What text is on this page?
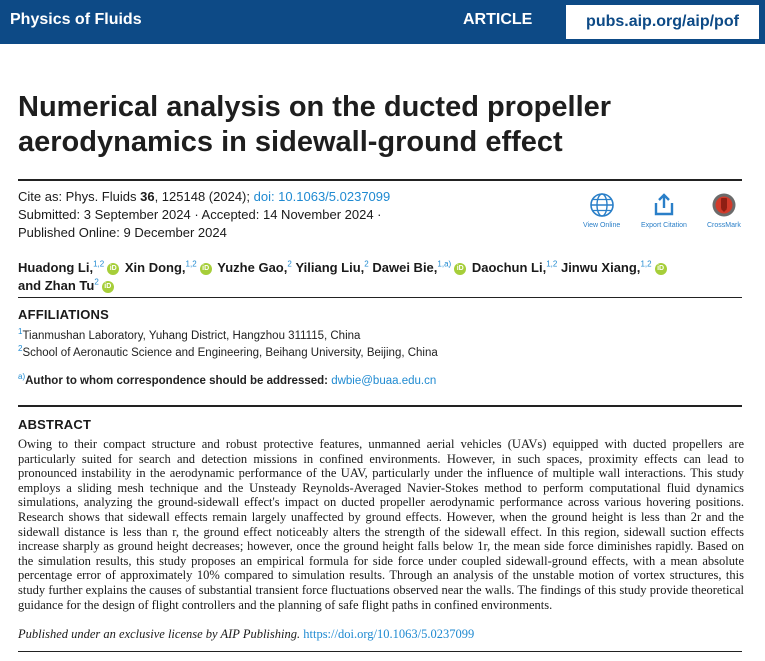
Physics of Fluids	ARTICLE	pubs.aip.org/aip/pof
Numerical analysis on the ducted propeller aerodynamics in sidewall-ground effect
Cite as: Phys. Fluids 36, 125148 (2024); doi: 10.1063/5.0237099
Submitted: 3 September 2024 · Accepted: 14 November 2024 ·
Published Online: 9 December 2024	View Online	Export Citation	CrossMark
Huadong Li,$^{1,2}$ iD Xin Dong,$^{1,2}$ iD Yuzhe Gao,$^2$ Yiliang Liu,$^2$ Dawei Bie,$^{1,a)}$ iD Daochun Li,$^{1,2}$ Jinwu Xiang,$^{1,2}$ iD
and Zhan Tu$^2$ iD
AFFILIATIONS
$^1$Tianmushan Laboratory, Yuhang District, Hangzhou 311115, China
$^2$School of Aeronautic Science and Engineering, Beihang University, Beijing, China
$^{a)}$Author to whom correspondence should be addressed: dwbie@buaa.edu.cn
ABSTRACT

Owing to their compact structure and robust protective features, unmanned aerial vehicles (UAVs) equipped with ducted propellers are particularly suited for search and detection missions in confined environments. However, in such spaces, proximity effects can lead to pronounced instability in the aerodynamic performance of the UAV, particularly under the influence of multiple wall interactions. This study employs a sliding mesh technique and the Unsteady Reynolds-Averaged Navier-Stokes method to perform computational fluid dynamics simulations, analyzing the ground-sidewall effect's impact on ducted propeller aerodynamic performance across various hovering positions. Research shows that sidewall effects remain largely unaffected by ground effects. However, when the ground height is less than 2r and the sidewall distance is less than r, the ground effect noticeably alters the strength of the sidewall effect. In this region, sidewall suction effects increase sharply as ground height decreases; however, once the ground height falls below 1r, the mean side force diminishes rapidly. Based on the simulation results, this study proposes an empirical formula for side force under coupled sidewall-ground effects, with a mean absolute percentage error of approximately 10% compared to simulation results. Through an analysis of the unstable motion of vortex structures, this study further explains the causes of substantial transient force fluctuations observed near the walls. The findings of this study provide theoretical guidance for the design of flight controllers and the planning of safe flight paths in confined environments.

Published under an exclusive license by AIP Publishing. https://doi.org/10.1063/5.0237099
